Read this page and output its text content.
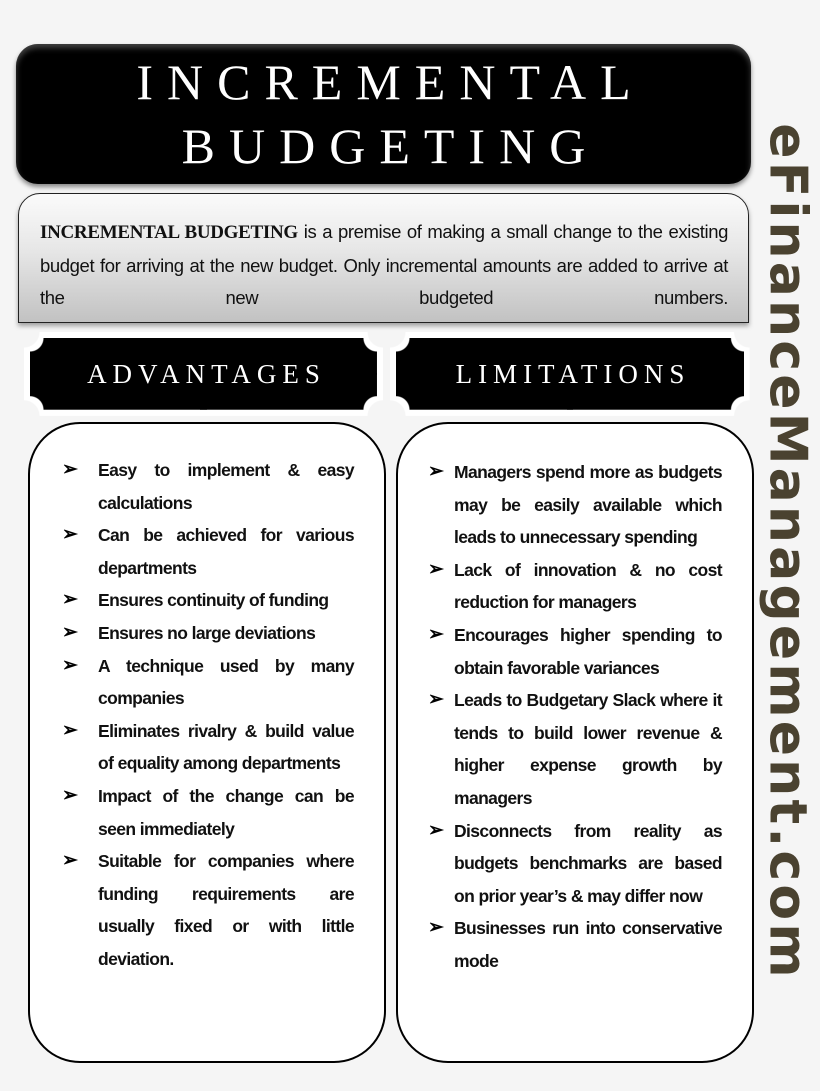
INCREMENTAL
BUDGETING

INCREMENTAL BUDGETING is a premise of making a small change to the existing budget for arriving at the new budget. Only incremental amounts are added to arrive at the new budgeted numbers.

ADVANTAGES	LIMITATIONS
➢	Easy to implement & easy calculations
➢	Can be achieved for various departments
➢	Ensures continuity of funding
➢	Ensures no large deviations
➢	A technique used by many companies
➢	Eliminates rivalry & build value of equality among departments
➢	Impact of the change can be seen immediately
➢	Suitable for companies where funding requirements are usually fixed or with little deviation.
➢ Managers spend more as budgets may be easily available which leads to unnecessary spending
➢ Lack of innovation & no cost reduction for managers
➢ Encourages higher spending to obtain favorable variances
➢ Leads to Budgetary Slack where it tends to build lower revenue & higher expense growth by managers
➢ Disconnects from reality as budgets benchmarks are based on prior year’s & may differ now
➢ Businesses run into conservative mode	eFinanceManagement.com
